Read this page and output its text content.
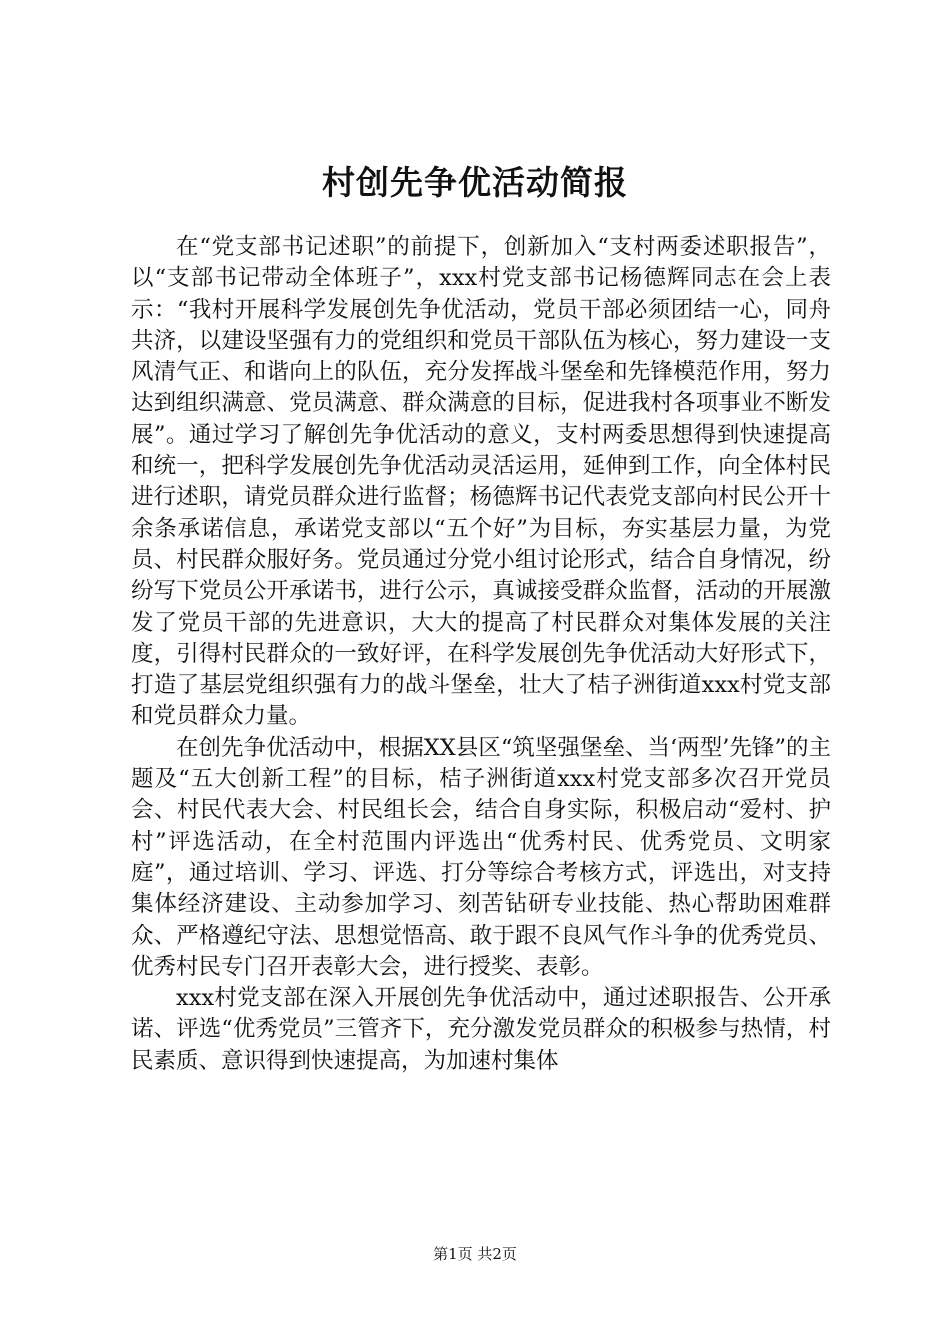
村创先争优活动简报

在“党支部书记述职”的前提下，创新加入“支村两委述职报告”，以“支部书记带动全体班子”，xxx村党支部书记杨德辉同志在会上表示：“我村开展科学发展创先争优活动，党员干部必须团结一心，同舟共济，以建设坚强有力的党组织和党员干部队伍为核心，努力建设一支风清气正、和谐向上的队伍，充分发挥战斗堡垒和先锋模范作用，努力达到组织满意、党员满意、群众满意的目标，促进我村各项事业不断发展”。通过学习了解创先争优活动的意义，支村两委思想得到快速提高和统一，把科学发展创先争优活动灵活运用，延伸到工作，向全体村民进行述职，请党员群众进行监督；杨德辉书记代表党支部向村民公开十余条承诺信息，承诺党支部以“五个好”为目标，夯实基层力量，为党员、村民群众服好务。党员通过分党小组讨论形式，结合自身情况，纷纷写下党员公开承诺书，进行公示，真诚接受群众监督，活动的开展激发了党员干部的先进意识，大大的提高了村民群众对集体发展的关注度，引得村民群众的一致好评，在科学发展创先争优活动大好形式下，打造了基层党组织强有力的战斗堡垒，壮大了桔子洲街道xxx村党支部和党员群众力量。

在创先争优活动中，根据XX县区“筑坚强堡垒、当‘两型’先锋”的主题及“五大创新工程”的目标，桔子洲街道xxx村党支部多次召开党员会、村民代表大会、村民组长会，结合自身实际，积极启动“爱村、护村”评选活动，在全村范围内评选出“优秀村民、优秀党员、文明家庭”，通过培训、学习、评选、打分等综合考核方式，评选出，对支持集体经济建设、主动参加学习、刻苦钻研专业技能、热心帮助困难群众、严格遵纪守法、思想觉悟高、敢于跟不良风气作斗争的优秀党员、优秀村民专门召开表彰大会，进行授奖、表彰。

xxx村党支部在深入开展创先争优活动中，通过述职报告、公开承诺、评选“优秀党员”三管齐下，充分激发党员群众的积极参与热情，村民素质、意识得到快速提高，为加速村集体

第1页 共2页
